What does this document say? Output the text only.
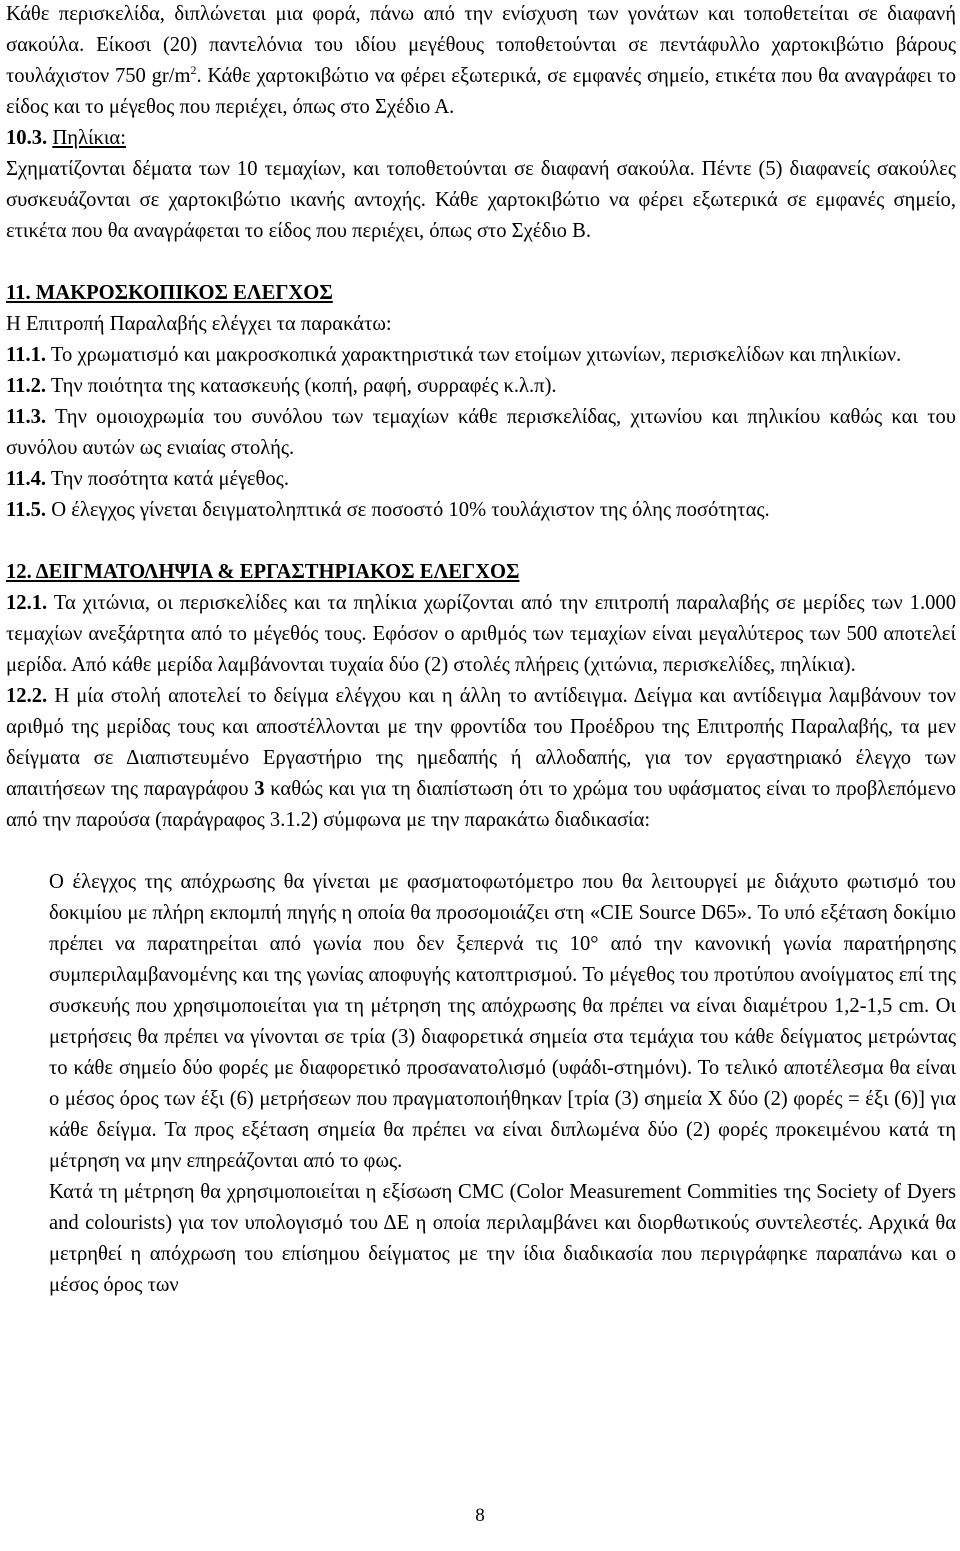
Κάθε περισκελίδα, διπλώνεται μια φορά, πάνω από την ενίσχυση των γονάτων και τοποθετείται σε διαφανή σακούλα. Είκοσι (20) παντελόνια του ιδίου μεγέθους τοποθετούνται σε πεντάφυλλο χαρτοκιβώτιο βάρους τουλάχιστον 750 $gr/m^2$. Κάθε χαρτοκιβώτιο να φέρει εξωτερικά, σε εμφανές σημείο, ετικέτα που θα αναγράφει το είδος και το μέγεθος που περιέχει, όπως στο Σχέδιο Α.

10.3. Πηλίκια:

Σχηματίζονται δέματα των 10 τεμαχίων, και τοποθετούνται σε διαφανή σακούλα. Πέντε (5) διαφανείς σακούλες συσκευάζονται σε χαρτοκιβώτιο ικανής αντοχής. Κάθε χαρτοκιβώτιο να φέρει εξωτερικά σε εμφανές σημείο, ετικέτα που θα αναγράφεται το είδος που περιέχει, όπως στο Σχέδιο Β.

11. ΜΑΚΡΟΣΚΟΠΙΚΟΣ ΕΛΕΓΧΟΣ

Η Επιτροπή Παραλαβής ελέγχει τα παρακάτω:

11.1. Το χρωματισμό και μακροσκοπικά χαρακτηριστικά των ετοίμων χιτωνίων, περισκελίδων και πηλικίων.

11.2. Την ποιότητα της κατασκευής (κοπή, ραφή, συρραφές κ.λ.π).

11.3. Την ομοιοχρωμία του συνόλου των τεμαχίων κάθε περισκελίδας, χιτωνίου και πηλικίου καθώς και του συνόλου αυτών ως ενιαίας στολής.

11.4. Την ποσότητα κατά μέγεθος.

11.5. Ο έλεγχος γίνεται δειγματοληπτικά σε ποσοστό 10% τουλάχιστον της όλης ποσότητας.

12. ΔΕΙΓΜΑΤΟΛΗΨΙΑ & ΕΡΓΑΣΤΗΡΙΑΚΟΣ ΕΛΕΓΧΟΣ

12.1. Τα χιτώνια, οι περισκελίδες και τα πηλίκια χωρίζονται από την επιτροπή παραλαβής σε μερίδες των 1.000 τεμαχίων ανεξάρτητα από το μέγεθός τους. Εφόσον ο αριθμός των τεμαχίων είναι μεγαλύτερος των 500 αποτελεί μερίδα. Από κάθε μερίδα λαμβάνονται τυχαία δύο (2) στολές πλήρεις (χιτώνια, περισκελίδες, πηλίκια).

12.2. Η μία στολή αποτελεί το δείγμα ελέγχου και η άλλη το αντίδειγμα. Δείγμα και αντίδειγμα λαμβάνουν τον αριθμό της μερίδας τους και αποστέλλονται με την φροντίδα του Προέδρου της Επιτροπής Παραλαβής, τα μεν δείγματα σε Διαπιστευμένο Εργαστήριο της ημεδαπής ή αλλοδαπής, για τον εργαστηριακό έλεγχο των απαιτήσεων της παραγράφου 3 καθώς και για τη διαπίστωση ότι το χρώμα του υφάσματος είναι το προβλεπόμενο από την παρούσα (παράγραφος 3.1.2) σύμφωνα με την παρακάτω διαδικασία:

Ο έλεγχος της απόχρωσης θα γίνεται με φασματοφωτόμετρο που θα λειτουργεί με διάχυτο φωτισμό του δοκιμίου με πλήρη εκπομπή πηγής η οποία θα προσομοιάζει στη «CIE Source D65». Το υπό εξέταση δοκίμιο πρέπει να παρατηρείται από γωνία που δεν ξεπερνά τις 10° από την κανονική γωνία παρατήρησης συμπεριλαμβανομένης και της γωνίας αποφυγής κατοπτρισμού. Το μέγεθος του προτύπου ανοίγματος επί της συσκευής που χρησιμοποιείται για τη μέτρηση της απόχρωσης θα πρέπει να είναι διαμέτρου 1,2-1,5 cm. Οι μετρήσεις θα πρέπει να γίνονται σε τρία (3) διαφορετικά σημεία στα τεμάχια του κάθε δείγματος μετρώντας το κάθε σημείο δύο φορές με διαφορετικό προσανατολισμό (υφάδι-στημόνι). Το τελικό αποτέλεσμα θα είναι ο μέσος όρος των έξι (6) μετρήσεων που πραγματοποιήθηκαν [τρία (3) σημεία Χ δύο (2) φορές = έξι (6)] για κάθε δείγμα. Τα προς εξέταση σημεία θα πρέπει να είναι διπλωμένα δύο (2) φορές προκειμένου κατά τη μέτρηση να μην επηρεάζονται από το φως.

Κατά τη μέτρηση θα χρησιμοποιείται η εξίσωση CMC (Color Measurement Commities της Society of Dyers and colourists) για τον υπολογισμό του ΔΕ η οποία περιλαμβάνει και διορθωτικούς συντελεστές. Αρχικά θα μετρηθεί η απόχρωση του επίσημου δείγματος με την ίδια διαδικασία που περιγράφηκε παραπάνω και ο μέσος όρος των

8
